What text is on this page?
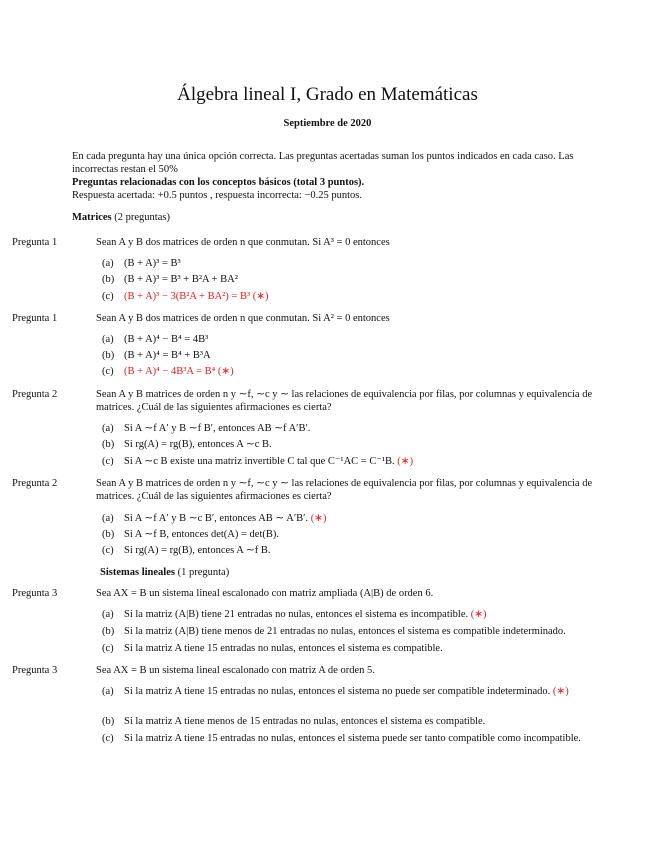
Álgebra lineal I, Grado en Matemáticas
Septiembre de 2020

En cada pregunta hay una única opción correcta. Las preguntas acertadas suman los puntos indicados en cada caso. Las incorrectas restan el 50%

Preguntas relacionadas con los conceptos básicos (total 3 puntos).

Respuesta acertada: +0.5 puntos , respuesta incorrecta: −0.25 puntos.

Matrices (2 preguntas)
Pregunta 1	Sean A y B dos matrices de orden n que conmutan. Si A³ = 0 entonces
(a) (B + A)³ = B³
(b) (B + A)³ = B³ + B²A + BA²
(c) (B + A)³ − 3(B²A + BA²) = B³ (∗)
Pregunta 1	Sean A y B dos matrices de orden n que conmutan. Si A² = 0 entonces
(a) (B + A)⁴ − B⁴ = 4B³
(b) (B + A)⁴ = B⁴ + B³A
(c) (B + A)⁴ − 4B³A = B⁴ (∗)
Pregunta 2	Sean A y B matrices de orden n y ∼f, ∼c y ∼ las relaciones de equivalencia por filas, por columnas y equivalencia de matrices. ¿Cuál de las siguientes afirmaciones es cierta?
(a) Si A ∼f A′ y B ∼f B′, entonces AB ∼f A′B′.
(b) Si rg(A) = rg(B), entonces A ∼c B.
(c) Si A ∼c B existe una matriz invertible C tal que C⁻¹AC = C⁻¹B. (∗)
Pregunta 2	Sean A y B matrices de orden n y ∼f, ∼c y ∼ las relaciones de equivalencia por filas, por columnas y equivalencia de matrices. ¿Cuál de las siguientes afirmaciones es cierta?
(a) Si A ∼f A′ y B ∼c B′, entonces AB ∼ A′B′. (∗)
(b) Si A ∼f B, entonces det(A) = det(B).
(c) Si rg(A) = rg(B), entonces A ∼f B.
Sistemas lineales (1 pregunta)
Pregunta 3	Sea AX = B un sistema lineal escalonado con matriz ampliada (A|B) de orden 6.
(a) Si la matriz (A|B) tiene 21 entradas no nulas, entonces el sistema es incompatible. (∗)
(b) Si la matriz (A|B) tiene menos de 21 entradas no nulas, entonces el sistema es compatible indeterminado.
(c) Si la matriz A tiene 15 entradas no nulas, entonces el sistema es compatible.
Pregunta 3	Sea AX = B un sistema lineal escalonado con matriz A de orden 5.
(a) Si la matriz A tiene 15 entradas no nulas, entonces el sistema no puede ser compatible indeterminado. (∗)
(b) Si la matriz A tiene menos de 15 entradas no nulas, entonces el sistema es compatible.
(c) Si la matriz A tiene 15 entradas no nulas, entonces el sistema puede ser tanto compatible como incompatible.
